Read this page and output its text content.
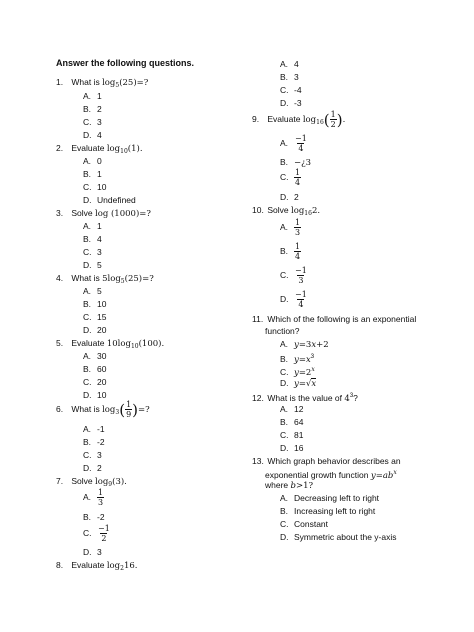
Answer the following questions.
1. What is $\log_5(25)=$?
A. 1
B. 2
C. 3
D. 4
2. Evaluate $\log_{10}(1)$.
A. 0
B. 1
C. 10
D. Undefined
3. Solve log (1000)=?
A. 1
B. 4
C. 3
D. 5
4. What is $5\log_5(25)=$?
A. 5
B. 10
C. 15
D. 20
5. Evaluate $10\log_{10}(100)$.
A. 30
B. 60
C. 20
D. 10
6. What is $\log_3( \frac{1}{9}$ )=?
A. -1
B. -2
C. 3
D. 2
7. Solve $\log_9(3)$.
A. $\frac{1}{3}$
B. -2
C. $\frac{-1}{2}$
D. 3
8. Evaluate $\log_216$.
A. 4
B. 3
C. -4
D. -3
9. Evaluate $\log_{16}( \frac{1}{2}$ ).
A. $\frac{-1}{4}$
B. −¿3
C. $\frac{1}{4}$
D. 2
10. Solve $\log_{16}2$.
A. $\frac{1}{3}$
B. $\frac{1}{4}$
C. $\frac{-1}{3}$
D. $\frac{-1}{4}$
11. Which of the following is an exponential
function?
A. y=3x+2
B. $y=x^3$
C. $y=2^x$
D. y=√x
12. What is the value of $4^3$?
A. 12
B. 64
C. 81
D. 16
13. Which graph behavior describes an
exponential growth function $y=ab^x$
where b>1?
A. Decreasing left to right
B. Increasing left to right
C. Constant
D. Symmetric about the y-axis
